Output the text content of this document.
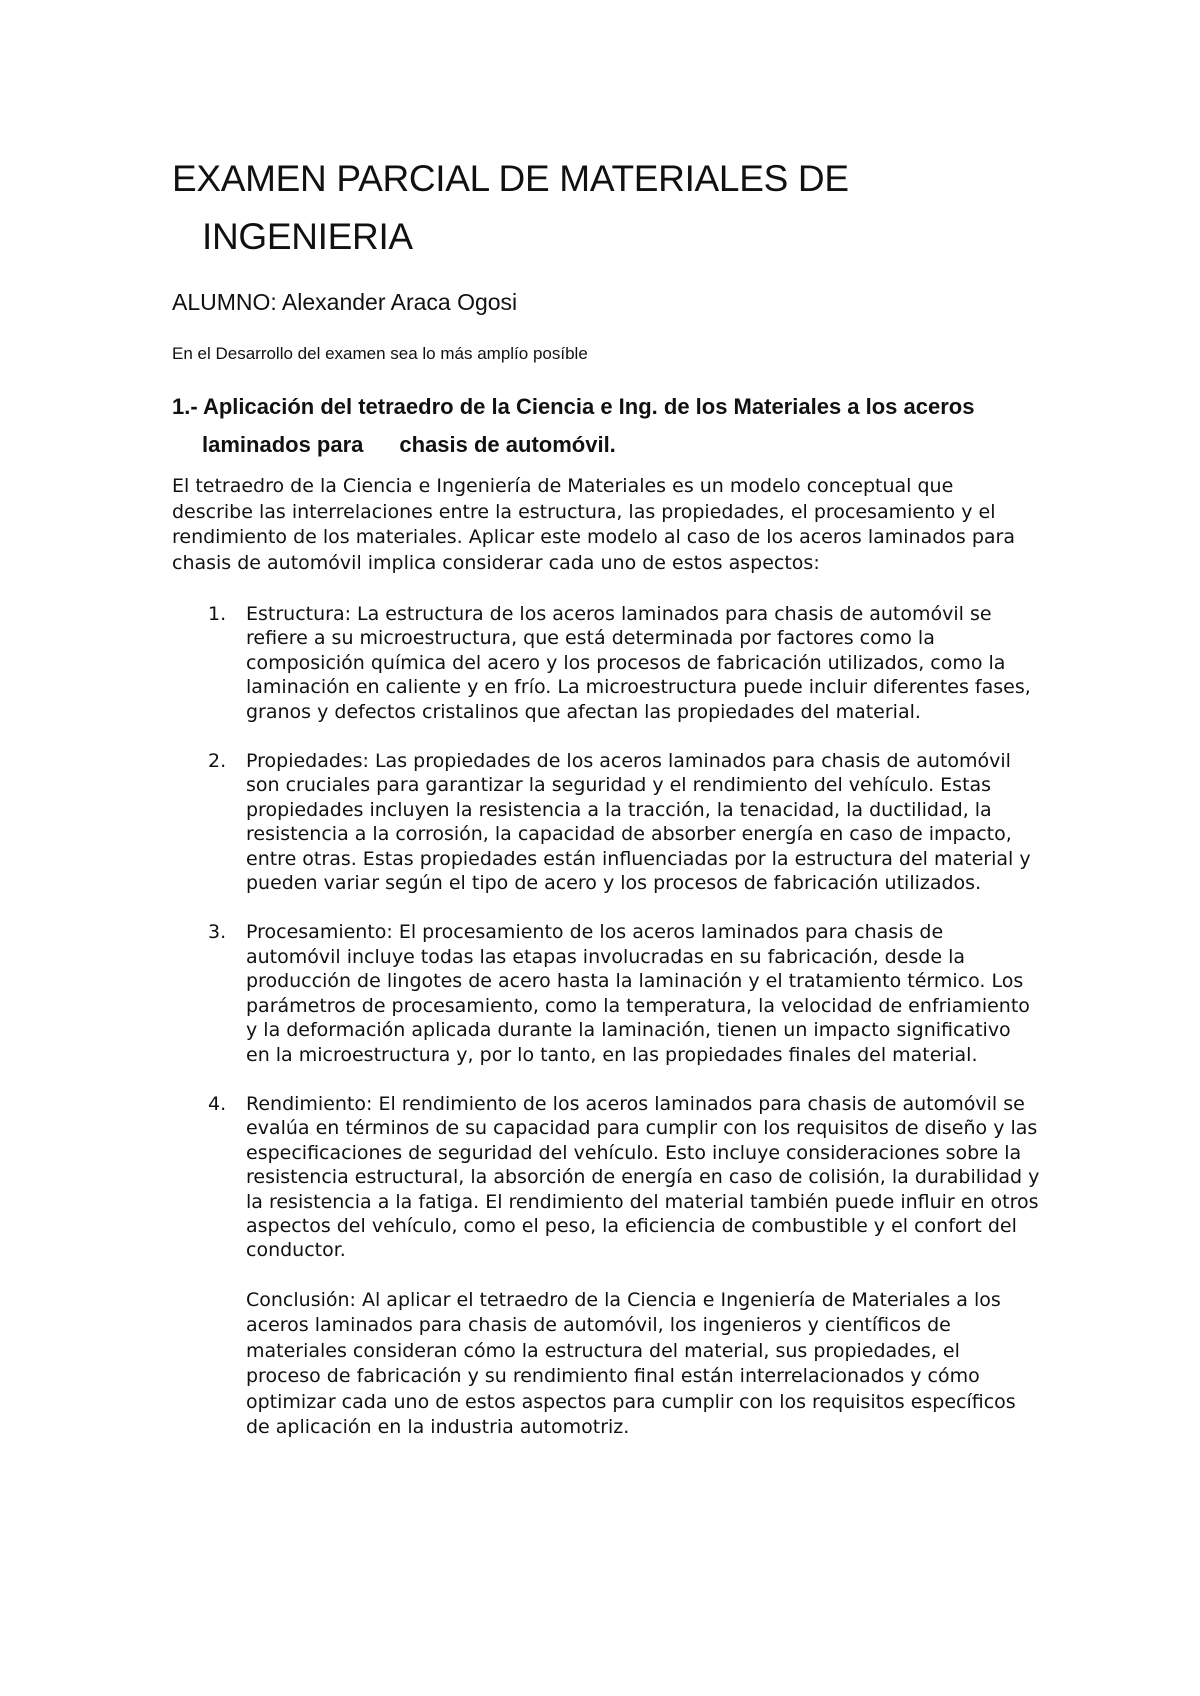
EXAMEN PARCIAL DE MATERIALES DE INGENIERIA

ALUMNO: Alexander Araca Ogosi

En el Desarrollo del examen sea lo más amplío posíble

1.- Aplicación del tetraedro de la Ciencia e Ing. de los Materiales a los aceros laminados para chasis de automóvil.

El tetraedro de la Ciencia e Ingeniería de Materiales es un modelo conceptual que describe las interrelaciones entre la estructura, las propiedades, el procesamiento y el rendimiento de los materiales. Aplicar este modelo al caso de los aceros laminados para chasis de automóvil implica considerar cada uno de estos aspectos:

1. Estructura: La estructura de los aceros laminados para chasis de automóvil se refiere a su microestructura, que está determinada por factores como la composición química del acero y los procesos de fabricación utilizados, como la laminación en caliente y en frío. La microestructura puede incluir diferentes fases, granos y defectos cristalinos que afectan las propiedades del material.
2. Propiedades: Las propiedades de los aceros laminados para chasis de automóvil son cruciales para garantizar la seguridad y el rendimiento del vehículo. Estas propiedades incluyen la resistencia a la tracción, la tenacidad, la ductilidad, la resistencia a la corrosión, la capacidad de absorber energía en caso de impacto, entre otras. Estas propiedades están influenciadas por la estructura del material y pueden variar según el tipo de acero y los procesos de fabricación utilizados.
3. Procesamiento: El procesamiento de los aceros laminados para chasis de automóvil incluye todas las etapas involucradas en su fabricación, desde la producción de lingotes de acero hasta la laminación y el tratamiento térmico. Los parámetros de procesamiento, como la temperatura, la velocidad de enfriamiento y la deformación aplicada durante la laminación, tienen un impacto significativo en la microestructura y, por lo tanto, en las propiedades finales del material.
4. Rendimiento: El rendimiento de los aceros laminados para chasis de automóvil se evalúa en términos de su capacidad para cumplir con los requisitos de diseño y las especificaciones de seguridad del vehículo. Esto incluye consideraciones sobre la resistencia estructural, la absorción de energía en caso de colisión, la durabilidad y la resistencia a la fatiga. El rendimiento del material también puede influir en otros aspectos del vehículo, como el peso, la eficiencia de combustible y el confort del conductor.

Conclusión: Al aplicar el tetraedro de la Ciencia e Ingeniería de Materiales a los aceros laminados para chasis de automóvil, los ingenieros y científicos de materiales consideran cómo la estructura del material, sus propiedades, el proceso de fabricación y su rendimiento final están interrelacionados y cómo optimizar cada uno de estos aspectos para cumplir con los requisitos específicos de aplicación en la industria automotriz.
